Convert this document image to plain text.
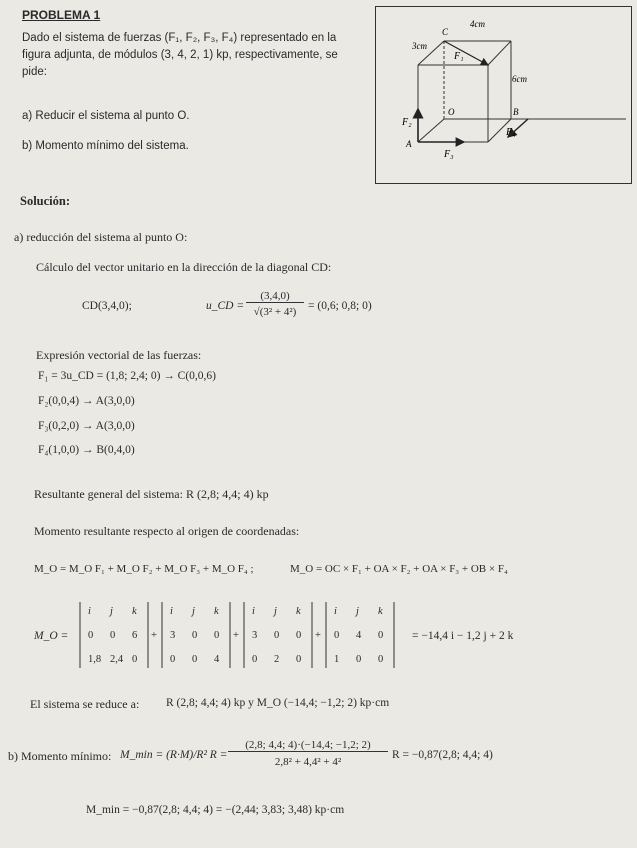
PROBLEMA 1
Dado el sistema de fuerzas (F₁, F₂, F₃, F₄) representado en la figura adjunta, de módulos (3, 4, 2, 1) kp, respectivamente, se pide:
a) Reducir el sistema al punto O.
b) Momento mínimo del sistema.
C
4cm
3cm
F₁
6cm
O	B
F₂
F₄
A
F₃
Solución:
a) reducción del sistema al punto O:
Cálculo del vector unitario en la dirección de la diagonal CD:
CD(3,4,0);	u_CD =
(3,4,0)
√(3² + 4²)	= (0,6; 0,8; 0)
Expresión vectorial de las fuerzas:
F₁ = 3u_CD = (1,8; 2,4; 0) → C(0,0,6)
F₂(0,0,4) → A(3,0,0)
F₃(0,2,0) → A(3,0,0)
F₄(1,0,0) → B(0,4,0)
Resultante general del sistema: R (2,8; 4,4; 4) kp
Momento resultante respecto al origen de coordenadas:
M_O = M_O F₁ + M_O F₂ + M_O F₃ + M_O F₄ ;	M_O = OC × F₁ + OA × F₂ + OA × F₃ + OB × F₄
M_O =
i j k
0 0 6
1,8 2,4 0
+
i j k
3 0 0
0 0 4
+
i j k
3 0 0
0 2 0
+
i j k
0 4 0
1 0 0
= −14,4 i − 1,2 j + 2 k
El sistema se reduce a: R (2,8; 4,4; 4) kp y M_O (−14,4; −1,2; 2) kp·cm
b) Momento mínimo: M_min = (R·M)/R² R =
(2,8; 4,4; 4)·(−14,4; −1,2; 2)
2,8² + 4,4² + 4²
R = −0,87(2,8; 4,4; 4)
M_min = −0,87(2,8; 4,4; 4) = −(2,44; 3,83; 3,48) kp·cm
